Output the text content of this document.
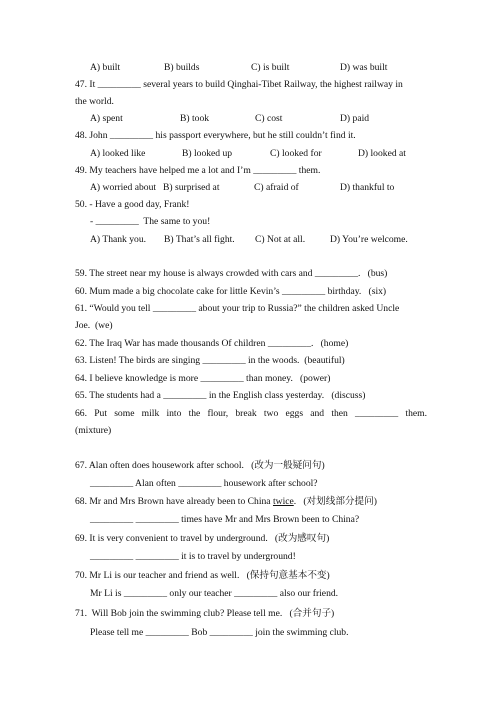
A) built	B) builds	C) is built	D) was built
47. It _________ several years to build Qinghai-Tibet Railway, the highest railway in
the world.
A) spent	B) took	C) cost	D) paid
48. John _________ his passport everywhere, but he still couldn’t find it.
A) looked like	B) looked up	C) looked for	D) looked at
49. My teachers have helped me a lot and I’m _________ them.
A) worried about B) surprised at	C) afraid of	D) thankful to
50. - Have a good day, Frank!
- _________  The same to you!
A) Thank you. B) That’s all fight. C) Not at all.	D) You’re welcome.
59. The street near my house is always crowded with cars and _________.   (bus)
60. Mum made a big chocolate cake for little Kevin’s _________ birthday.   (six)
61. “Would you tell _________ about your trip to Russia?” the children asked Uncle
Joe.  (we)
62. The Iraq War has made thousands Of children _________.   (home)
63. Listen! The birds are singing _________ in the woods.  (beautiful)
64. I believe knowledge is more _________ than money.   (power)
65. The students had a _________ in the English class yesterday.   (discuss)
66. Put some milk into the flour, break two eggs and then _________ them.
(mixture)
67. Alan often does housework after school.   (改为一般疑问句)
_________ Alan often _________ housework after school?
68. Mr and Mrs Brown have already been to China twice.   (对划线部分提问)
_________ _________ times have Mr and Mrs Brown been to China?
69. It is very convenient to travel by underground.   (改为感叹句)
_________ _________ it is to travel by underground!
70. Mr Li is our teacher and friend as well.   (保持句意基本不变)
Mr Li is _________ only our teacher _________ also our friend.
71.  Will Bob join the swimming club? Please tell me.   (合并句子)
Please tell me _________ Bob _________ join the swimming club.
